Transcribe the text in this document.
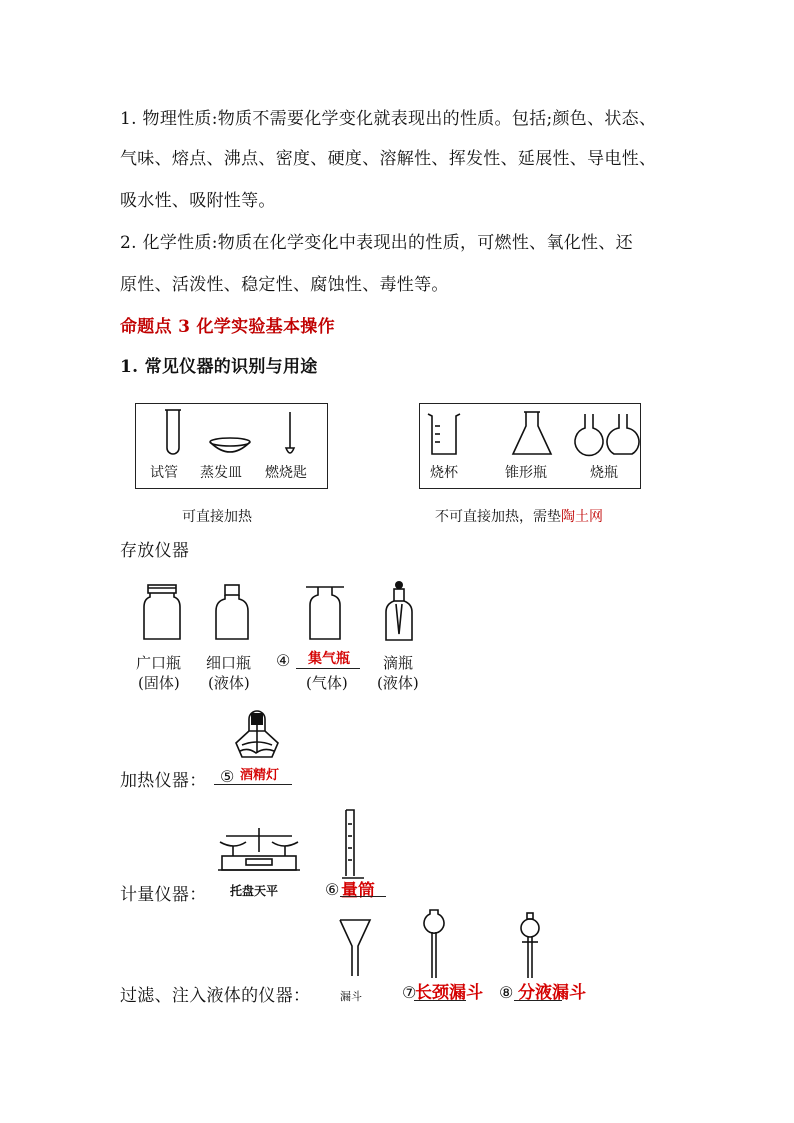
1. 物理性质:物质不需要化学变化就表现出的性质。包括;颜色、状态、
气味、熔点、沸点、密度、硬度、溶解性、挥发性、延展性、导电性、
吸水性、吸附性等。
2. 化学性质:物质在化学变化中表现出的性质，可燃性、氧化性、还
原性、活泼性、稳定性、腐蚀性、毒性等。
命题点 3 化学实验基本操作
1. 常见仪器的识别与用途
试管 蒸发皿 燃烧匙
可直接加热
烧杯	锥形瓶	烧瓶
不可直接加热，需垫陶土网
存放仪器
广口瓶
(固体)
细口瓶
(液体)
④ 集气瓶
(气体)
滴瓶
(液体)
加热仪器： ⑤ 酒精灯
托盘天平
计量仪器：	⑥ 量筒
漏斗
过滤、注入液体的仪器：	⑦
长颈漏斗 ⑧ 分液漏斗
